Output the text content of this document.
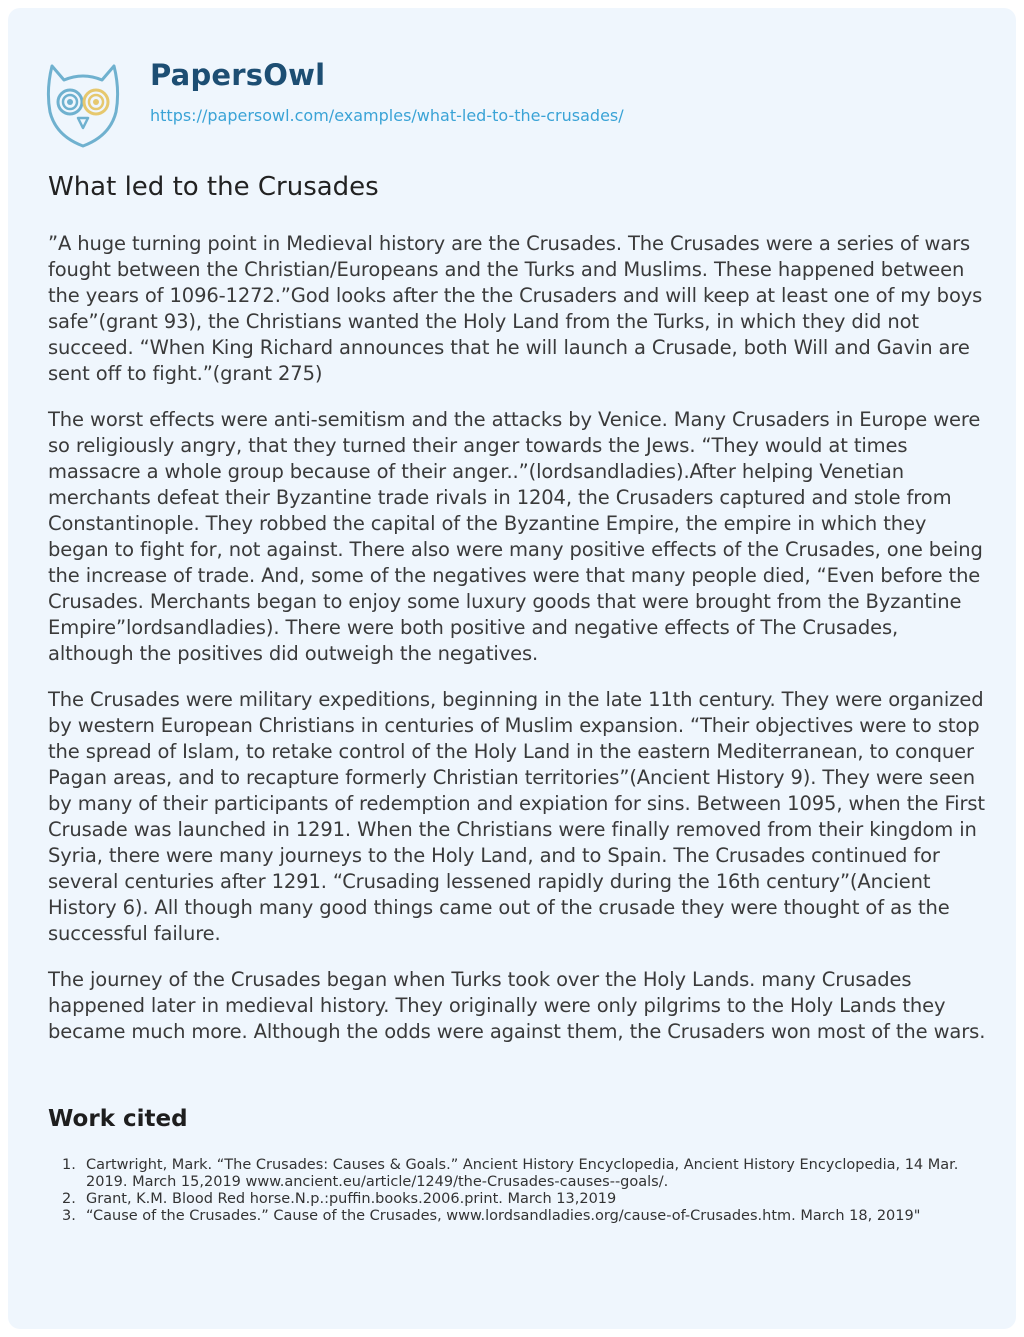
PapersOwl
https://papersowl.com/examples/what-led-to-the-crusades/
What led to the Crusades

”A huge turning point in Medieval history are the Crusades. The Crusades were a series of wars fought between the Christian/Europeans and the Turks and Muslims. These happened between the years of 1096-1272.”God looks after the the Crusaders and will keep at least one of my boys safe”(grant 93), the Christians wanted the Holy Land from the Turks, in which they did not succeed. “When King Richard announces that he will launch a Crusade, both Will and Gavin are sent off to fight.”(grant 275)

The worst effects were anti-semitism and the attacks by Venice. Many Crusaders in Europe were so religiously angry, that they turned their anger towards the Jews. “They would at times massacre a whole group because of their anger..”(lordsandladies).After helping Venetian merchants defeat their Byzantine trade rivals in 1204, the Crusaders captured and stole from Constantinople. They robbed the capital of the Byzantine Empire, the empire in which they began to fight for, not against. There also were many positive effects of the Crusades, one being the increase of trade. And, some of the negatives were that many people died, “Even before the Crusades. Merchants began to enjoy some luxury goods that were brought from the Byzantine Empire”lordsandladies). There were both positive and negative effects of The Crusades, although the positives did outweigh the negatives.

The Crusades were military expeditions, beginning in the late 11th century. They were organized by western European Christians in centuries of Muslim expansion. “Their objectives were to stop the spread of Islam, to retake control of the Holy Land in the eastern Mediterranean, to conquer Pagan areas, and to recapture formerly Christian territories”(Ancient History 9). They were seen by many of their participants of redemption and expiation for sins. Between 1095, when the First Crusade was launched in 1291. When the Christians were finally removed from their kingdom in Syria, there were many journeys to the Holy Land, and to Spain. The Crusades continued for several centuries after 1291. “Crusading lessened rapidly during the 16th century”(Ancient History 6). All though many good things came out of the crusade they were thought of as the successful failure.

The journey of the Crusades began when Turks took over the Holy Lands. many Crusades happened later in medieval history. They originally were only pilgrims to the Holy Lands they became much more. Although the odds were against them, the Crusaders won most of the wars.

Work cited
1. Cartwright, Mark. “The Crusades: Causes & Goals.” Ancient History Encyclopedia, Ancient History Encyclopedia, 14 Mar. 2019. March 15,2019 www.ancient.eu/article/1249/the-Crusades-causes--goals/.
2. Grant, K.M. Blood Red horse.N.p.:puffin.books.2006.print. March 13,2019
3. “Cause of the Crusades.” Cause of the Crusades, www.lordsandladies.org/cause-of-Crusades.htm. March 18, 2019"
